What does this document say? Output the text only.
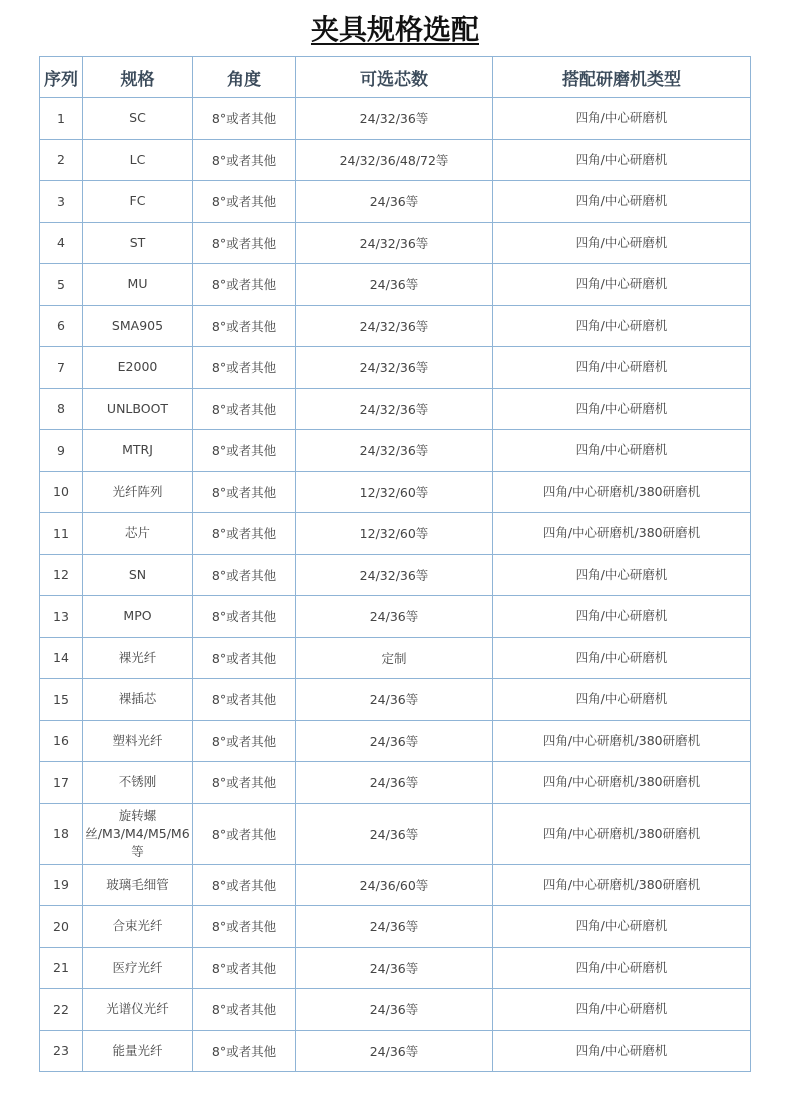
夹具规格选配
序列	规格	角度	可选芯数	搭配研磨机类型
1	SC	8°或者其他	24/32/36等	四角/中心研磨机
2	LC	8°或者其他	24/32/36/48/72等	四角/中心研磨机
3	FC	8°或者其他	24/36等	四角/中心研磨机
4	ST	8°或者其他	24/32/36等	四角/中心研磨机
5	MU	8°或者其他	24/36等	四角/中心研磨机
6	SMA905	8°或者其他	24/32/36等	四角/中心研磨机
7	E2000	8°或者其他	24/32/36等	四角/中心研磨机
8	UNLBOOT	8°或者其他	24/32/36等	四角/中心研磨机
9	MTRJ	8°或者其他	24/32/36等	四角/中心研磨机
10	光纤阵列	8°或者其他	12/32/60等	四角/中心研磨机/380研磨机
11	芯片	8°或者其他	12/32/60等	四角/中心研磨机/380研磨机
12	SN	8°或者其他	24/32/36等	四角/中心研磨机
13	MPO	8°或者其他	24/36等	四角/中心研磨机
14	裸光纤	8°或者其他	定制	四角/中心研磨机
15	裸插芯	8°或者其他	24/36等	四角/中心研磨机
16	塑料光纤	8°或者其他	24/36等	四角/中心研磨机/380研磨机
17	不锈刚	8°或者其他	24/36等	四角/中心研磨机/380研磨机
18	旋转螺丝/M3/M4/M5/M6等	8°或者其他	24/36等	四角/中心研磨机/380研磨机
19	玻璃毛细管	8°或者其他	24/36/60等	四角/中心研磨机/380研磨机
20	合束光纤	8°或者其他	24/36等	四角/中心研磨机
21	医疗光纤	8°或者其他	24/36等	四角/中心研磨机
22	光谱仪光纤	8°或者其他	24/36等	四角/中心研磨机
23	能量光纤	8°或者其他	24/36等	四角/中心研磨机
